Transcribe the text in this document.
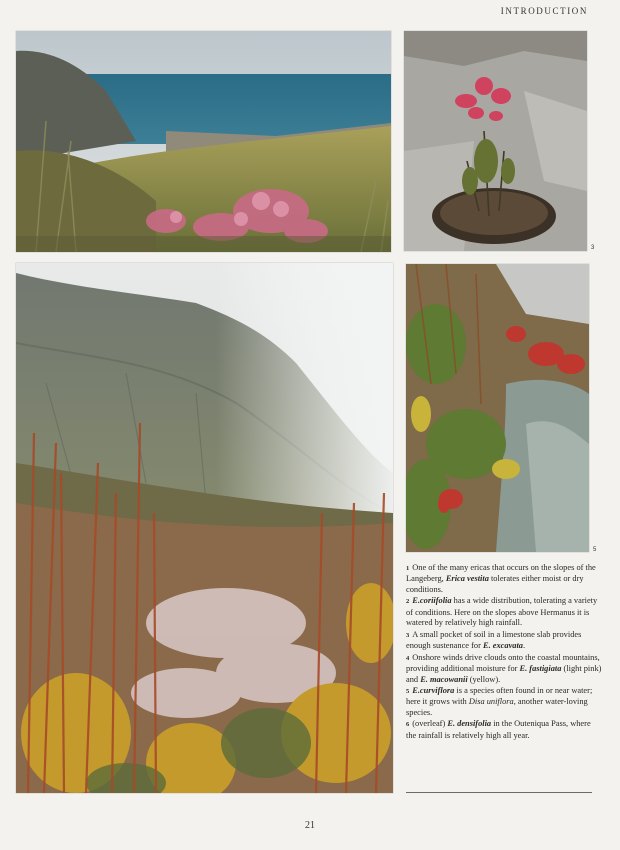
INTRODUCTION
3
5

1 One of the many ericas that occurs on the slopes of the Langeberg, Erica vestita tolerates either moist or dry conditions.

2 E.coriifolia has a wide distribution, tolerating a variety of conditions. Here on the slopes above Hermanus it is watered by relatively high rainfall.

3 A small pocket of soil in a limestone slab provides enough sustenance for E. excavata.

4 Onshore winds drive clouds onto the coastal mountains, providing additional moisture for E. fastigiata (light pink) and E. macowanii (yellow).

5 E.curviflora is a species often found in or near water; here it grows with Disa uniflora, another water-loving species.

6 (overleaf) E. densifolia in the Outeniqua Pass, where the rainfall is relatively high all year.

21
